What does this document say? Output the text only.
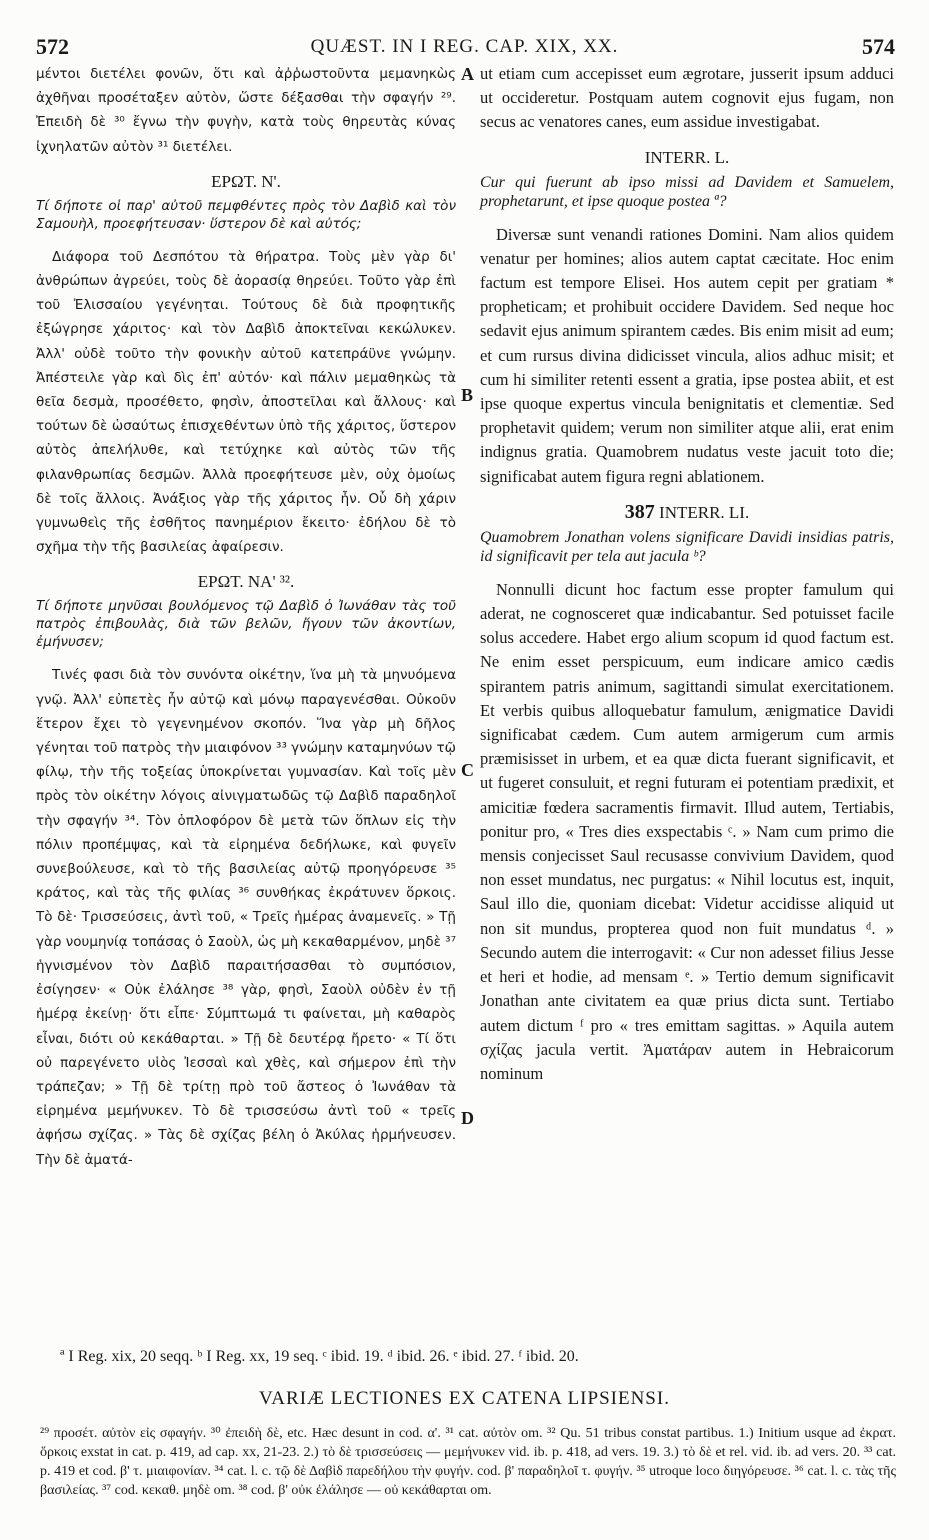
572	QUÆST. IN I REG. CAP. XIX, XX.	574
A
B
C
D

μέντοι διετέλει φονῶν, ὅτι καὶ ἀῤῥωστοῦντα μεμανηκὼς ἀχθῆναι προσέταξεν αὐτὸν, ὥστε δέξασθαι τὴν σφαγήν ²⁹. Ἐπειδὴ δὲ ³⁰ ἔγνω τὴν φυγὴν, κατὰ τοὺς θηρευτὰς κύνας ἰχνηλατῶν αὐτὸν ³¹ διετέλει.

ΕΡΩΤ. Ν'.

Τί δήποτε οἱ παρ' αὐτοῦ πεμφθέντες πρὸς τὸν Δαβὶδ καὶ τὸν Σαμουὴλ, προεφήτευσαν· ὕστερον δὲ καὶ αὐτός;

Διάφορα τοῦ Δεσπότου τὰ θήρατρα. Τοὺς μὲν γὰρ δι' ἀνθρώπων ἀγρεύει, τοὺς δὲ ἀορασίᾳ θηρεύει. Τοῦτο γὰρ ἐπὶ τοῦ Ἐλισσαίου γεγένηται. Τούτους δὲ διὰ προφητικῆς ἐξώγρησε χάριτος· καὶ τὸν Δαβὶδ ἀποκτεῖναι κεκώλυκεν. Ἀλλ' οὐδὲ τοῦτο τὴν φονικὴν αὐτοῦ κατεπράϋνε γνώμην. Ἀπέστειλε γὰρ καὶ δὶς ἐπ' αὐτόν· καὶ πάλιν μεμαθηκὼς τὰ θεῖα δεσμὰ, προσέθετο, φησὶν, ἀποστεῖλαι καὶ ἄλλους· καὶ τούτων δὲ ὡσαύτως ἐπισχεθέντων ὑπὸ τῆς χάριτος, ὕστερον αὐτὸς ἀπελήλυθε, καὶ τετύχηκε καὶ αὐτὸς τῶν τῆς φιλανθρωπίας δεσμῶν. Ἀλλὰ προεφήτευσε μὲν, οὐχ ὁμοίως δὲ τοῖς ἄλλοις. Ἀνάξιος γὰρ τῆς χάριτος ἦν. Οὗ δὴ χάριν γυμνωθεὶς τῆς ἐσθῆτος πανημέριον ἔκειτο· ἐδήλου δὲ τὸ σχῆμα τὴν τῆς βασιλείας ἀφαίρεσιν.

ΕΡΩΤ. ΝΑ' ³².

Τί δήποτε μηνῦσαι βουλόμενος τῷ Δαβὶδ ὁ Ἰωνάθαν τὰς τοῦ πατρὸς ἐπιβουλὰς, διὰ τῶν βελῶν, ἤγουν τῶν ἀκοντίων, ἐμήνυσεν;

Τινές φασι διὰ τὸν συνόντα οἰκέτην, ἵνα μὴ τὰ μηνυόμενα γνῷ. Ἀλλ' εὐπετὲς ἦν αὐτῷ καὶ μόνῳ παραγενέσθαι. Οὐκοῦν ἕτερον ἔχει τὸ γεγενημένον σκοπόν. Ἵνα γὰρ μὴ δῆλος γένηται τοῦ πατρὸς τὴν μιαιφόνον ³³ γνώμην καταμηνύων τῷ φίλῳ, τὴν τῆς τοξείας ὑποκρίνεται γυμνασίαν. Καὶ τοῖς μὲν πρὸς τὸν οἰκέτην λόγοις αἰνιγματωδῶς τῷ Δαβὶδ παραδηλοῖ τὴν σφαγήν ³⁴. Τὸν ὁπλοφόρον δὲ μετὰ τῶν ὅπλων εἰς τὴν πόλιν προπέμψας, καὶ τὰ εἰρημένα δεδήλωκε, καὶ φυγεῖν συνεβούλευσε, καὶ τὸ τῆς βασιλείας αὐτῷ προηγόρευσε ³⁵ κράτος, καὶ τὰς τῆς φιλίας ³⁶ συνθήκας ἐκράτυνεν ὅρκοις. Τὸ δὲ· Τρισσεύσεις, ἀντὶ τοῦ, « Τρεῖς ἡμέρας ἀναμενεῖς. » Τῇ γὰρ νουμηνίᾳ τοπάσας ὁ Σαοὺλ, ὡς μὴ κεκαθαρμένον, μηδὲ ³⁷ ἡγνισμένον τὸν Δαβὶδ παραιτήσασθαι τὸ συμπόσιον, ἐσίγησεν· « Οὐκ ἐλάλησε ³⁸ γὰρ, φησὶ, Σαοὺλ οὐδὲν ἐν τῇ ἡμέρᾳ ἐκείνῃ· ὅτι εἶπε· Σύμπτωμά τι φαίνεται, μὴ καθαρὸς εἶναι, διότι οὐ κεκάθαρται. » Τῇ δὲ δευτέρᾳ ἤρετο· « Τί ὅτι οὐ παρεγένετο υἱὸς Ἰεσσαὶ καὶ χθὲς, καὶ σήμερον ἐπὶ τὴν τράπεζαν; » Τῇ δὲ τρίτῃ πρὸ τοῦ ἄστεος ὁ Ἰωνάθαν τὰ εἰρημένα μεμήνυκεν. Τὸ δὲ τρισσεύσω ἀντὶ τοῦ « τρεῖς ἀφήσω σχίζας. » Τὰς δὲ σχίζας βέλη ὁ Ἀκύλας ἡρμήνευσεν. Τὴν δὲ ἀματά-

ut etiam cum accepisset eum ægrotare, jusserit ipsum adduci ut occideretur. Postquam autem cognovit ejus fugam, non secus ac venatores canes, eum assidue investigabat.

INTERR. L.

Cur qui fuerunt ab ipso missi ad Davidem et Samuelem, prophetarunt, et ipse quoque postea ª?

Diversæ sunt venandi rationes Domini. Nam alios quidem venatur per homines; alios autem captat cæcitate. Hoc enim factum est tempore Elisei. Hos autem cepit per gratiam * propheticam; et prohibuit occidere Davidem. Sed neque hoc sedavit ejus animum spirantem cædes. Bis enim misit ad eum; et cum rursus divina didicisset vincula, alios adhuc misit; et cum hi similiter retenti essent a gratia, ipse postea abiit, et est ipse quoque expertus vincula benignitatis et clementiæ. Sed prophetavit quidem; verum non similiter atque alii, erat enim indignus gratia. Quamobrem nudatus veste jacuit toto die; significabat autem figura regni ablationem.

387 INTERR. LI.

Quamobrem Jonathan volens significare Davidi insidias patris, id significavit per tela aut jacula ᵇ?

Nonnulli dicunt hoc factum esse propter famulum qui aderat, ne cognosceret quæ indicabantur. Sed potuisset facile solus accedere. Habet ergo alium scopum id quod factum est. Ne enim esset perspicuum, eum indicare amico cædis spirantem patris animum, sagittandi simulat exercitationem. Et verbis quibus alloquebatur famulum, ænigmatice Davidi significabat cædem. Cum autem armigerum cum armis præmisisset in urbem, et ea quæ dicta fuerant significavit, et ut fugeret consuluit, et regni futuram ei potentiam prædixit, et amicitiæ fœdera sacramentis firmavit. Illud autem, Tertiabis, ponitur pro, « Tres dies exspectabis ᶜ. » Nam cum primo die mensis conjecisset Saul recusasse convivium Davidem, quod non esset mundatus, nec purgatus: « Nihil locutus est, inquit, Saul illo die, quoniam dicebat: Videtur accidisse aliquid ut non sit mundus, propterea quod non fuit mundatus ᵈ. » Secundo autem die interrogavit: « Cur non adesset filius Jesse et heri et hodie, ad mensam ᵉ. » Tertio demum significavit Jonathan ante civitatem ea quæ prius dicta sunt. Tertiabo autem dictum ᶠ pro « tres emittam sagittas. » Aquila autem σχίζας jacula vertit. Ἀματάραν autem in Hebraicorum nominum

ª I Reg. xix, 20 seqq. ᵇ I Reg. xx, 19 seq. ᶜ ibid. 19. ᵈ ibid. 26. ᵉ ibid. 27. ᶠ ibid. 20.
VARIÆ LECTIONES EX CATENA LIPSIENSI.

²⁹ προσέτ. αὐτὸν εἰς σφαγήν. ³⁰ ἐπειδὴ δὲ, etc. Hæc desunt in cod. α'. ³¹ cat. αὐτὸν om. ³² Qu. 51 tribus constat partibus. 1.) Initium usque ad ἐκρατ. ὅρκοις exstat in cat. p. 419, ad cap. xx, 21-23. 2.) τὸ δὲ τρισσεύσεις — μεμήνυκεν vid. ib. p. 418, ad vers. 19. 3.) τὸ δὲ et rel. vid. ib. ad vers. 20. ³³ cat. p. 419 et cod. β' τ. μιαιφονίαν. ³⁴ cat. l. c. τῷ δὲ Δαβὶδ παρεδήλου τὴν φυγήν. cod. β' παραδηλοῖ τ. φυγήν. ³⁵ utroque loco διηγόρευσε. ³⁶ cat. l. c. τὰς τῆς βασιλείας. ³⁷ cod. κεκαθ. μηδὲ om. ³⁸ cod. β' οὐκ ἐλάλησε — οὐ κεκάθαρται om.
